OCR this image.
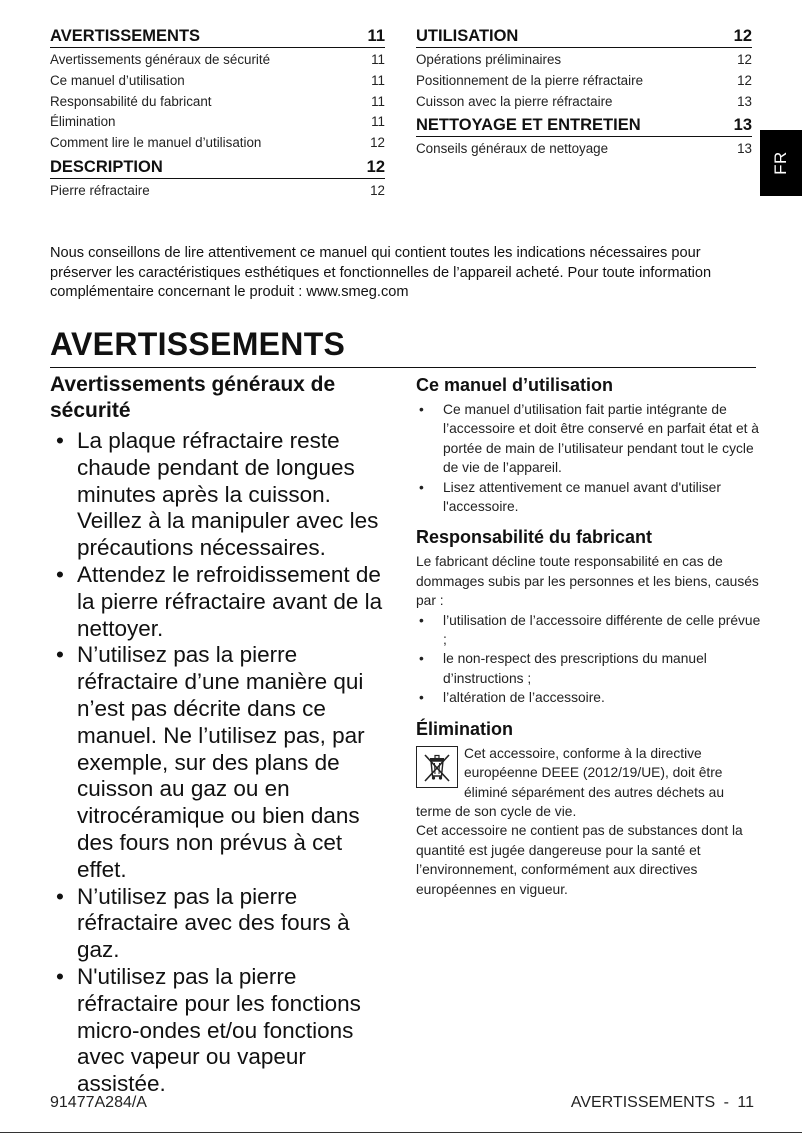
AVERTISSEMENTS	11
Avertissements généraux de sécurité	11
Ce manuel d’utilisation	11
Responsabilité du fabricant	11
Élimination	11
Comment lire le manuel d’utilisation	12
DESCRIPTION	12
Pierre réfractaire	12
UTILISATION	12
Opérations préliminaires	12
Positionnement de la pierre réfractaire	12
Cuisson avec la pierre réfractaire	13
NETTOYAGE ET ENTRETIEN	13
Conseils généraux de nettoyage	13
FR

Nous conseillons de lire attentivement ce manuel qui contient toutes les indications nécessaires pour préserver les caractéristiques esthétiques et fonctionnelles de l’appareil acheté. Pour toute information complémentaire concernant le produit : www.smeg.com

AVERTISSEMENTS
Avertissements généraux de sécurité
• La plaque réfractaire reste chaude pendant de longues minutes après la cuisson. Veillez à la manipuler avec les précautions nécessaires.
• Attendez le refroidissement de la pierre réfractaire avant de la nettoyer.
• N’utilisez pas la pierre réfractaire d’une manière qui n’est pas décrite dans ce manuel. Ne l’utilisez pas, par exemple, sur des plans de cuisson au gaz ou en vitrocéramique ou bien dans des fours non prévus à cet effet.
• N’utilisez pas la pierre réfractaire avec des fours à gaz.
• N'utilisez pas la pierre réfractaire pour les fonctions micro-ondes et/ou fonctions avec vapeur ou vapeur assistée.
Ce manuel d’utilisation
• Ce manuel d’utilisation fait partie intégrante de l’accessoire et doit être conservé en parfait état et à portée de main de l’utilisateur pendant tout le cycle de vie de l’appareil.
• Lisez attentivement ce manuel avant d'utiliser l'accessoire.
Responsabilité du fabricant

Le fabricant décline toute responsabilité en cas de dommages subis par les personnes et les biens, causés par :

• l’utilisation de l’accessoire différente de celle prévue ;
• le non-respect des prescriptions du manuel d’instructions ;
• l’altération de l’accessoire.
Élimination

Cet accessoire, conforme à la directive européenne DEEE (2012/19/UE), doit être éliminé séparément des autres déchets au terme de son cycle de vie.

Cet accessoire ne contient pas de substances dont la quantité est jugée dangereuse pour la santé et l’environnement, conformément aux directives européennes en vigueur.

91477A284/A	AVERTISSEMENTS - 11
